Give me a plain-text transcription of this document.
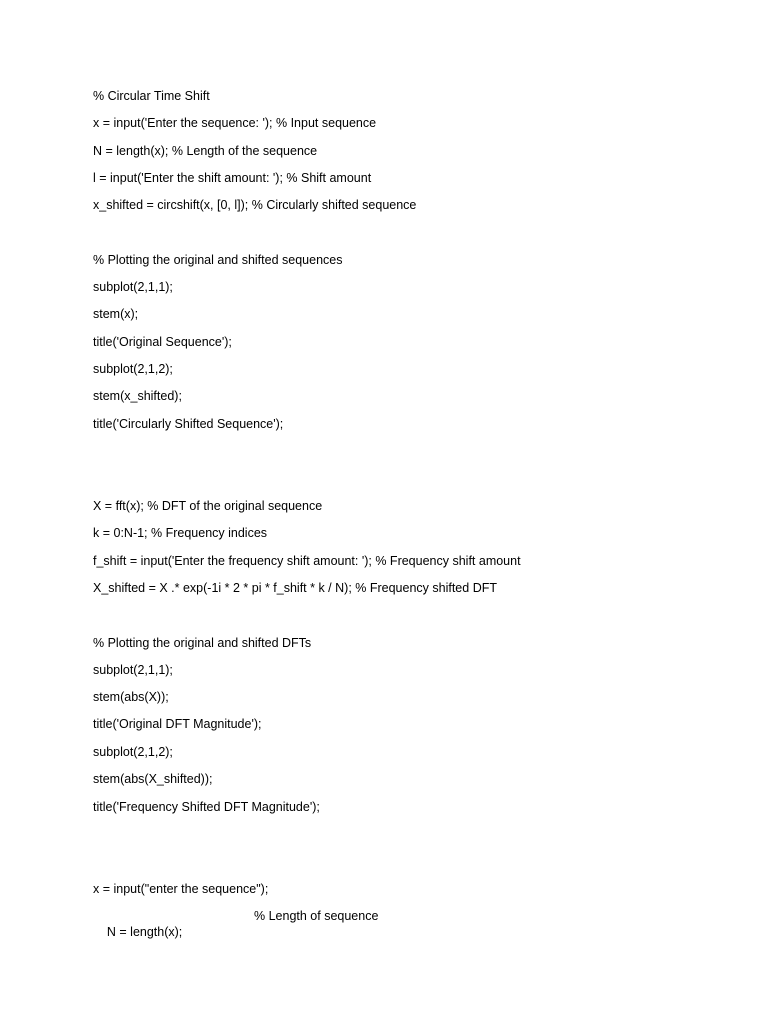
% Circular Time Shift
x = input('Enter the sequence: '); % Input sequence
N = length(x); % Length of the sequence
l = input('Enter the shift amount: '); % Shift amount
x_shifted = circshift(x, [0, l]); % Circularly shifted sequence
% Plotting the original and shifted sequences
subplot(2,1,1);
stem(x);
title('Original Sequence');
subplot(2,1,2);
stem(x_shifted);
title('Circularly Shifted Sequence');
X = fft(x); % DFT of the original sequence
k = 0:N-1; % Frequency indices
f_shift = input('Enter the frequency shift amount: '); % Frequency shift amount
X_shifted = X .* exp(-1i * 2 * pi * f_shift * k / N); % Frequency shifted DFT
% Plotting the original and shifted DFTs
subplot(2,1,1);
stem(abs(X));
title('Original DFT Magnitude');
subplot(2,1,2);
stem(abs(X_shifted));
title('Frequency Shifted DFT Magnitude');
x = input("enter the sequence");

N = length(x);
% Length of sequence
